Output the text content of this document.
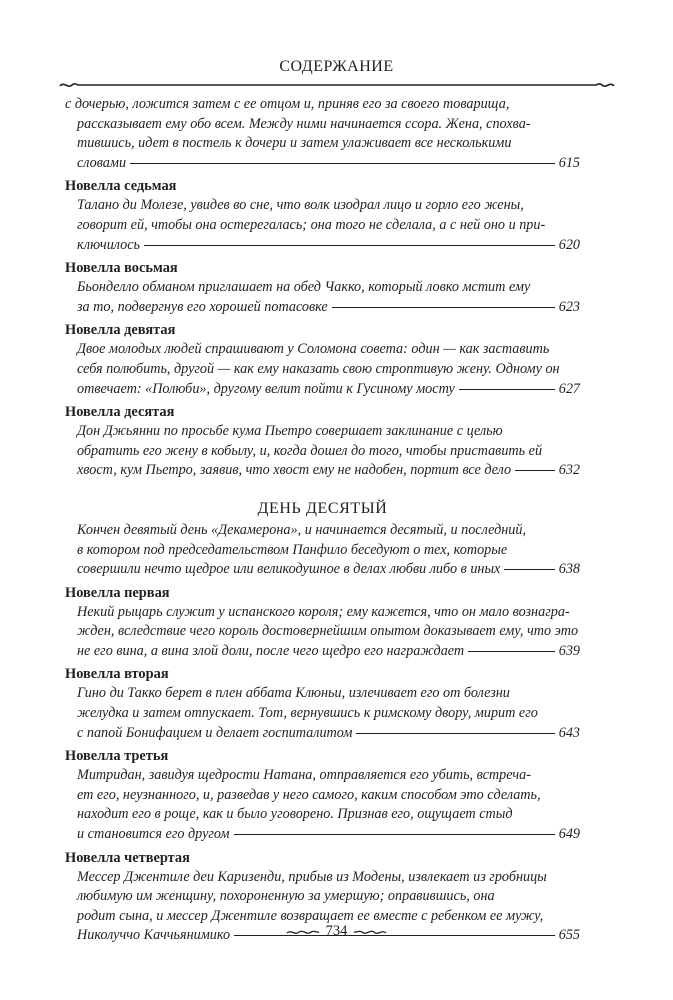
СОДЕРЖАНИЕ
с дочерью, ложится затем с ее отцом и, приняв его за своего товарища,
рассказывает ему обо всем. Между ними начинается ссора. Жена, спохва-
тившись, идет в постель к дочери и затем улаживает все несколькими
словами	615
Новелла седьмая
Талано ди Молезе, увидев во сне, что волк изодрал лицо и горло его жены,
говорит ей, чтобы она остерегалась; она того не сделала, а с ней оно и при-
ключилось	620
Новелла восьмая
Бьонделло обманом приглашает на обед Чакко, который ловко мстит ему
за то, подвергнув его хорошей потасовке	623
Новелла девятая
Двое молодых людей спрашивают у Соломона совета: один — как заставить
себя полюбить, другой — как ему наказать свою строптивую жену. Одному он
отвечает: «Полюби», другому велит пойти к Гусиному мосту	627
Новелла десятая
Дон Джьянни по просьбе кума Пьетро совершает заклинание с целью
обратить его жену в кобылу, и, когда дошел до того, чтобы приставить ей
хвост, кум Пьетро, заявив, что хвост ему не надобен, портит все дело	632
ДЕНЬ ДЕСЯТЫЙ
Кончен девятый день «Декамерона», и начинается десятый, и последний,
в котором под председательством Панфило беседуют о тех, которые
совершили нечто щедрое или великодушное в делах любви либо в иных	638
Новелла первая
Некий рыцарь служит у испанского короля; ему кажется, что он мало вознагра-
жден, вследствие чего король достовернейшим опытом доказывает ему, что это
не его вина, а вина злой доли, после чего щедро его награждает	639
Новелла вторая
Гино ди Такко берет в плен аббата Клюньи, излечивает его от болезни
желудка и затем отпускает. Тот, вернувшись к римскому двору, мирит его
с папой Бонифацием и делает госпиталитом	643
Новелла третья
Митридан, завидуя щедрости Натана, отправляется его убить, встреча-
ет его, неузнанного, и, разведав у него самого, каким способом это сделать,
находит его в роще, как и было уговорено. Признав его, ощущает стыд
и становится его другом	649
Новелла четвертая
Мессер Джентиле деи Каризенди, прибыв из Модены, извлекает из гробницы
любимую им женщину, похороненную за умершую; оправившись, она
родит сына, и мессер Джентиле возвращает ее вместе с ребенком ее мужу,
Николуччо Каччьянимико	655
734
